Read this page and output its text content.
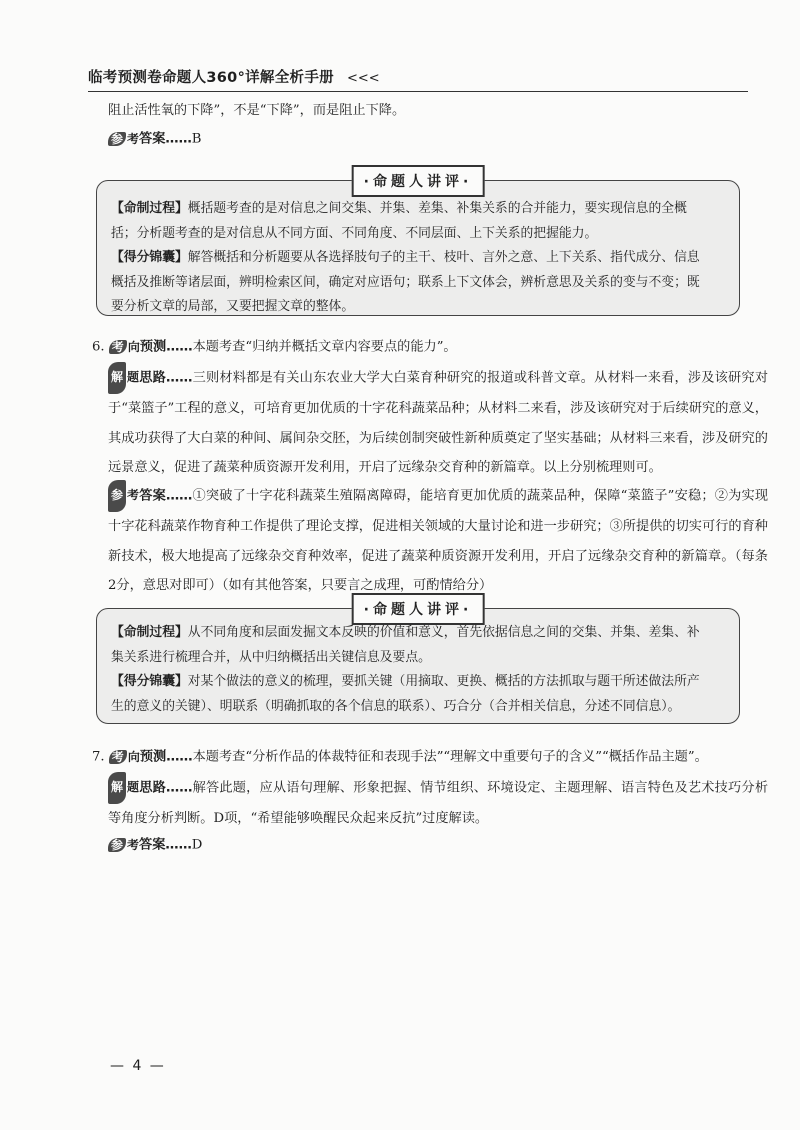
临考预测卷命题人360°详解全析手册 <<<
阻止活性氧的下降”，不是“下降”，而是阻止下降。
参 考答案……B
·命题人讲评·
【命制过程】概括题考查的是对信息之间交集、并集、差集、补集关系的合并能力，要实现信息的全概
括；分析题考查的是对信息从不同方面、不同角度、不同层面、上下关系的把握能力。
【得分锦囊】解答概括和分析题要从各选择肢句子的主干、枝叶、言外之意、上下关系、指代成分、信息
概括及推断等诸层面，辨明检索区间，确定对应语句；联系上下文体会，辨析意思及关系的变与不变；既
要分析文章的局部，又要把握文章的整体。
6. 考 向预测……本题考查“归纳并概括文章内容要点的能力”。
解 题思路……三则材料都是有关山东农业大学大白菜育种研究的报道或科普文章。从材料一来看，涉及该研究对于“菜篮子”工程的意义，可培育更加优质的十字花科蔬菜品种；从材料二来看，涉及该研究对于后续研究的意义，其成功获得了大白菜的种间、属间杂交胚，为后续创制突破性新种质奠定了坚实基础；从材料三来看，涉及研究的远景意义，促进了蔬菜种质资源开发利用，开启了远缘杂交育种的新篇章。以上分别梳理则可。
参 考答案……①突破了十字花科蔬菜生殖隔离障碍，能培育更加优质的蔬菜品种，保障“菜篮子”安稳；②为实现十字花科蔬菜作物育种工作提供了理论支撑，促进相关领域的大量讨论和进一步研究；③所提供的切实可行的育种新技术，极大地提高了远缘杂交育种效率，促进了蔬菜种质资源开发利用，开启了远缘杂交育种的新篇章。（每条2分，意思对即可）（如有其他答案，只要言之成理，可酌情给分）
·命题人讲评·
【命制过程】从不同角度和层面发掘文本反映的价值和意义，首先依据信息之间的交集、并集、差集、补
集关系进行梳理合并，从中归纳概括出关键信息及要点。
【得分锦囊】对某个做法的意义的梳理，要抓关键（用摘取、更换、概括的方法抓取与题干所述做法所产
生的意义的关键）、明联系（明确抓取的各个信息的联系）、巧合分（合并相关信息，分述不同信息）。
7. 考 向预测……本题考查“分析作品的体裁特征和表现手法”“理解文中重要句子的含义”“概括作品主题”。
解 题思路……解答此题，应从语句理解、形象把握、情节组织、环境设定、主题理解、语言特色及艺术技巧分析等角度分析判断。D项，“希望能够唤醒民众起来反抗”过度解读。
参 考答案……D
— 4 —
